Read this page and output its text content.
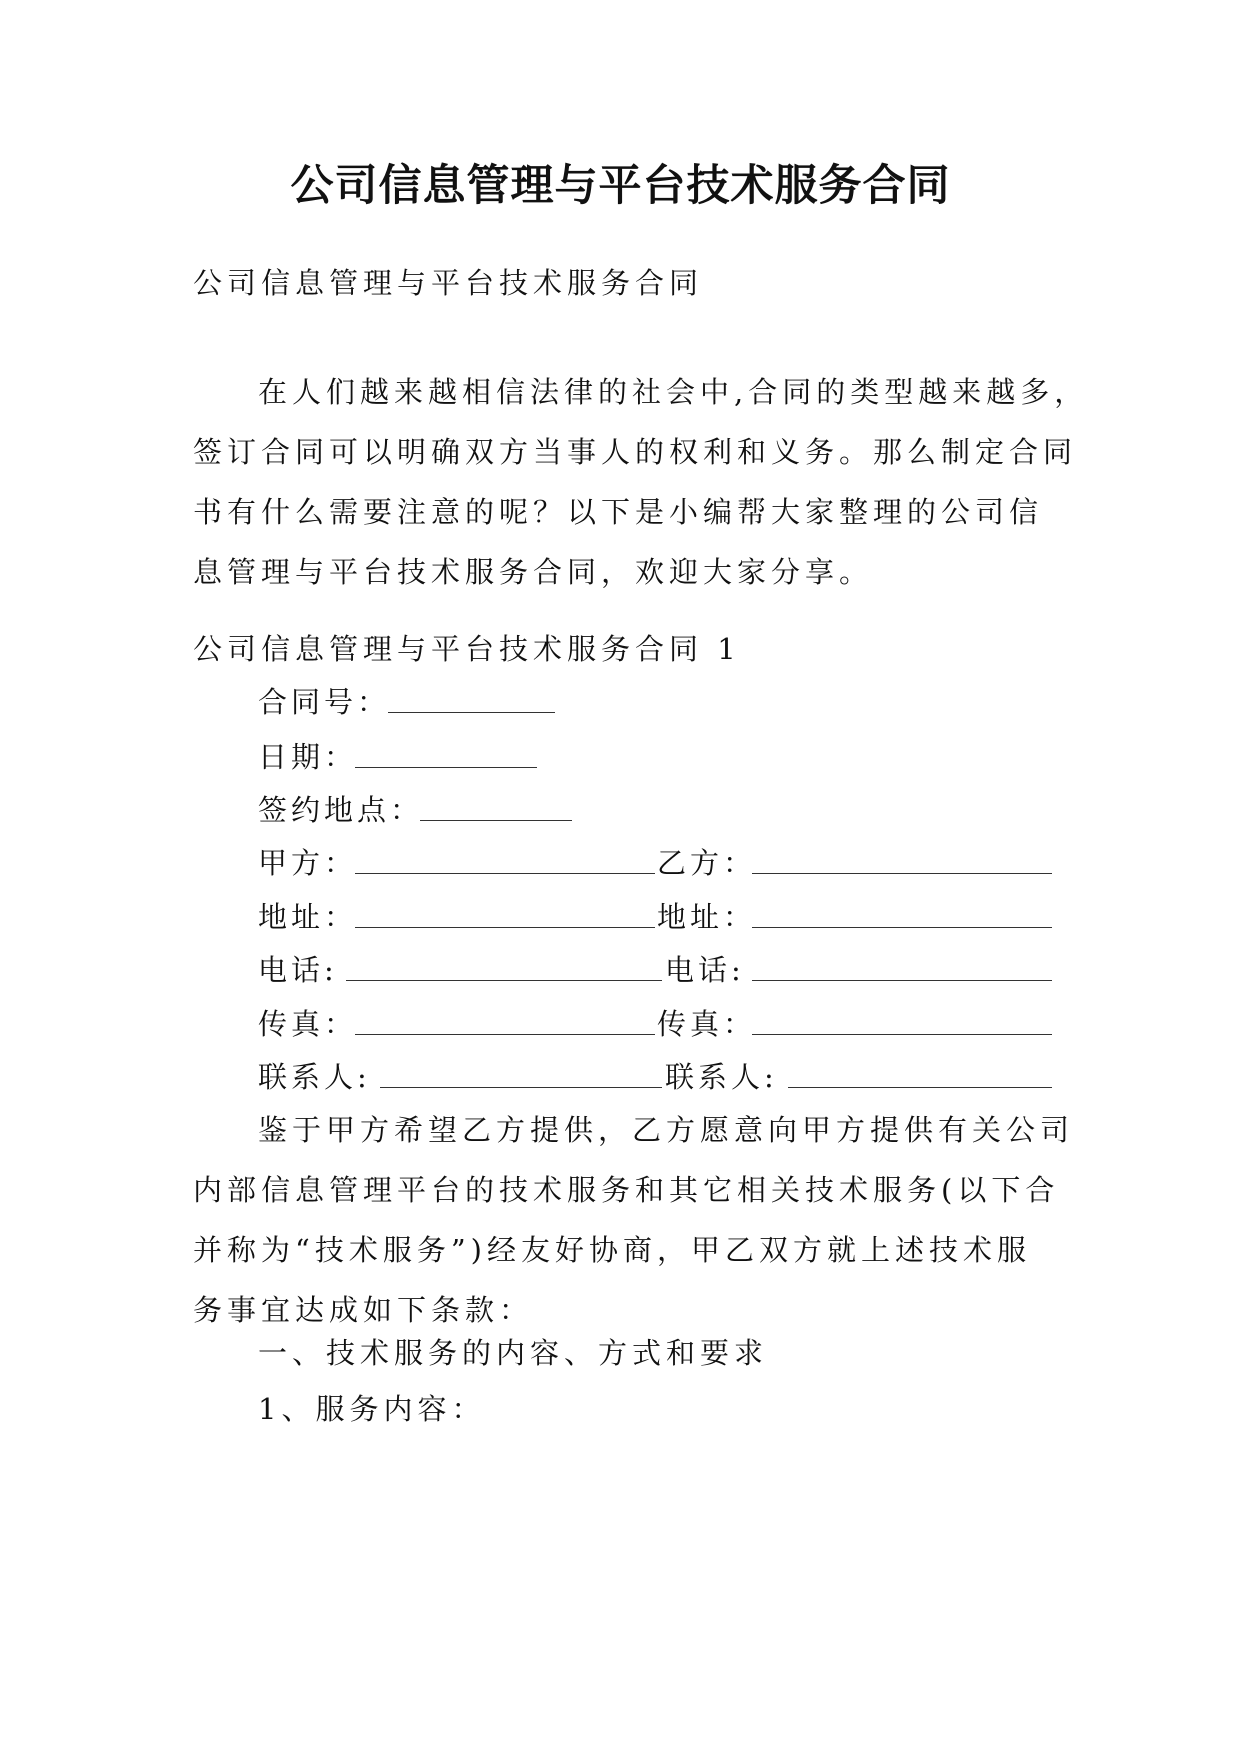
公司信息管理与平台技术服务合同
公司信息管理与平台技术服务合同
在人们越来越相信法律的社会中,合同的类型越来越多，
签订合同可以明确双方当事人的权利和义务。那么制定合同
书有什么需要注意的呢？以下是小编帮大家整理的公司信
息管理与平台技术服务合同，欢迎大家分享。
公司信息管理与平台技术服务合同 1
合同号：
日期：
签约地点：
甲方：	乙方：
地址：	地址：
电话:	电话:
传真：	传真：
联系人:	联系人:
鉴于甲方希望乙方提供，乙方愿意向甲方提供有关公司
内部信息管理平台的技术服务和其它相关技术服务(以下合
并称为“技术服务”)经友好协商，甲乙双方就上述技术服
务事宜达成如下条款：
一、技术服务的内容、方式和要求
1、服务内容：
